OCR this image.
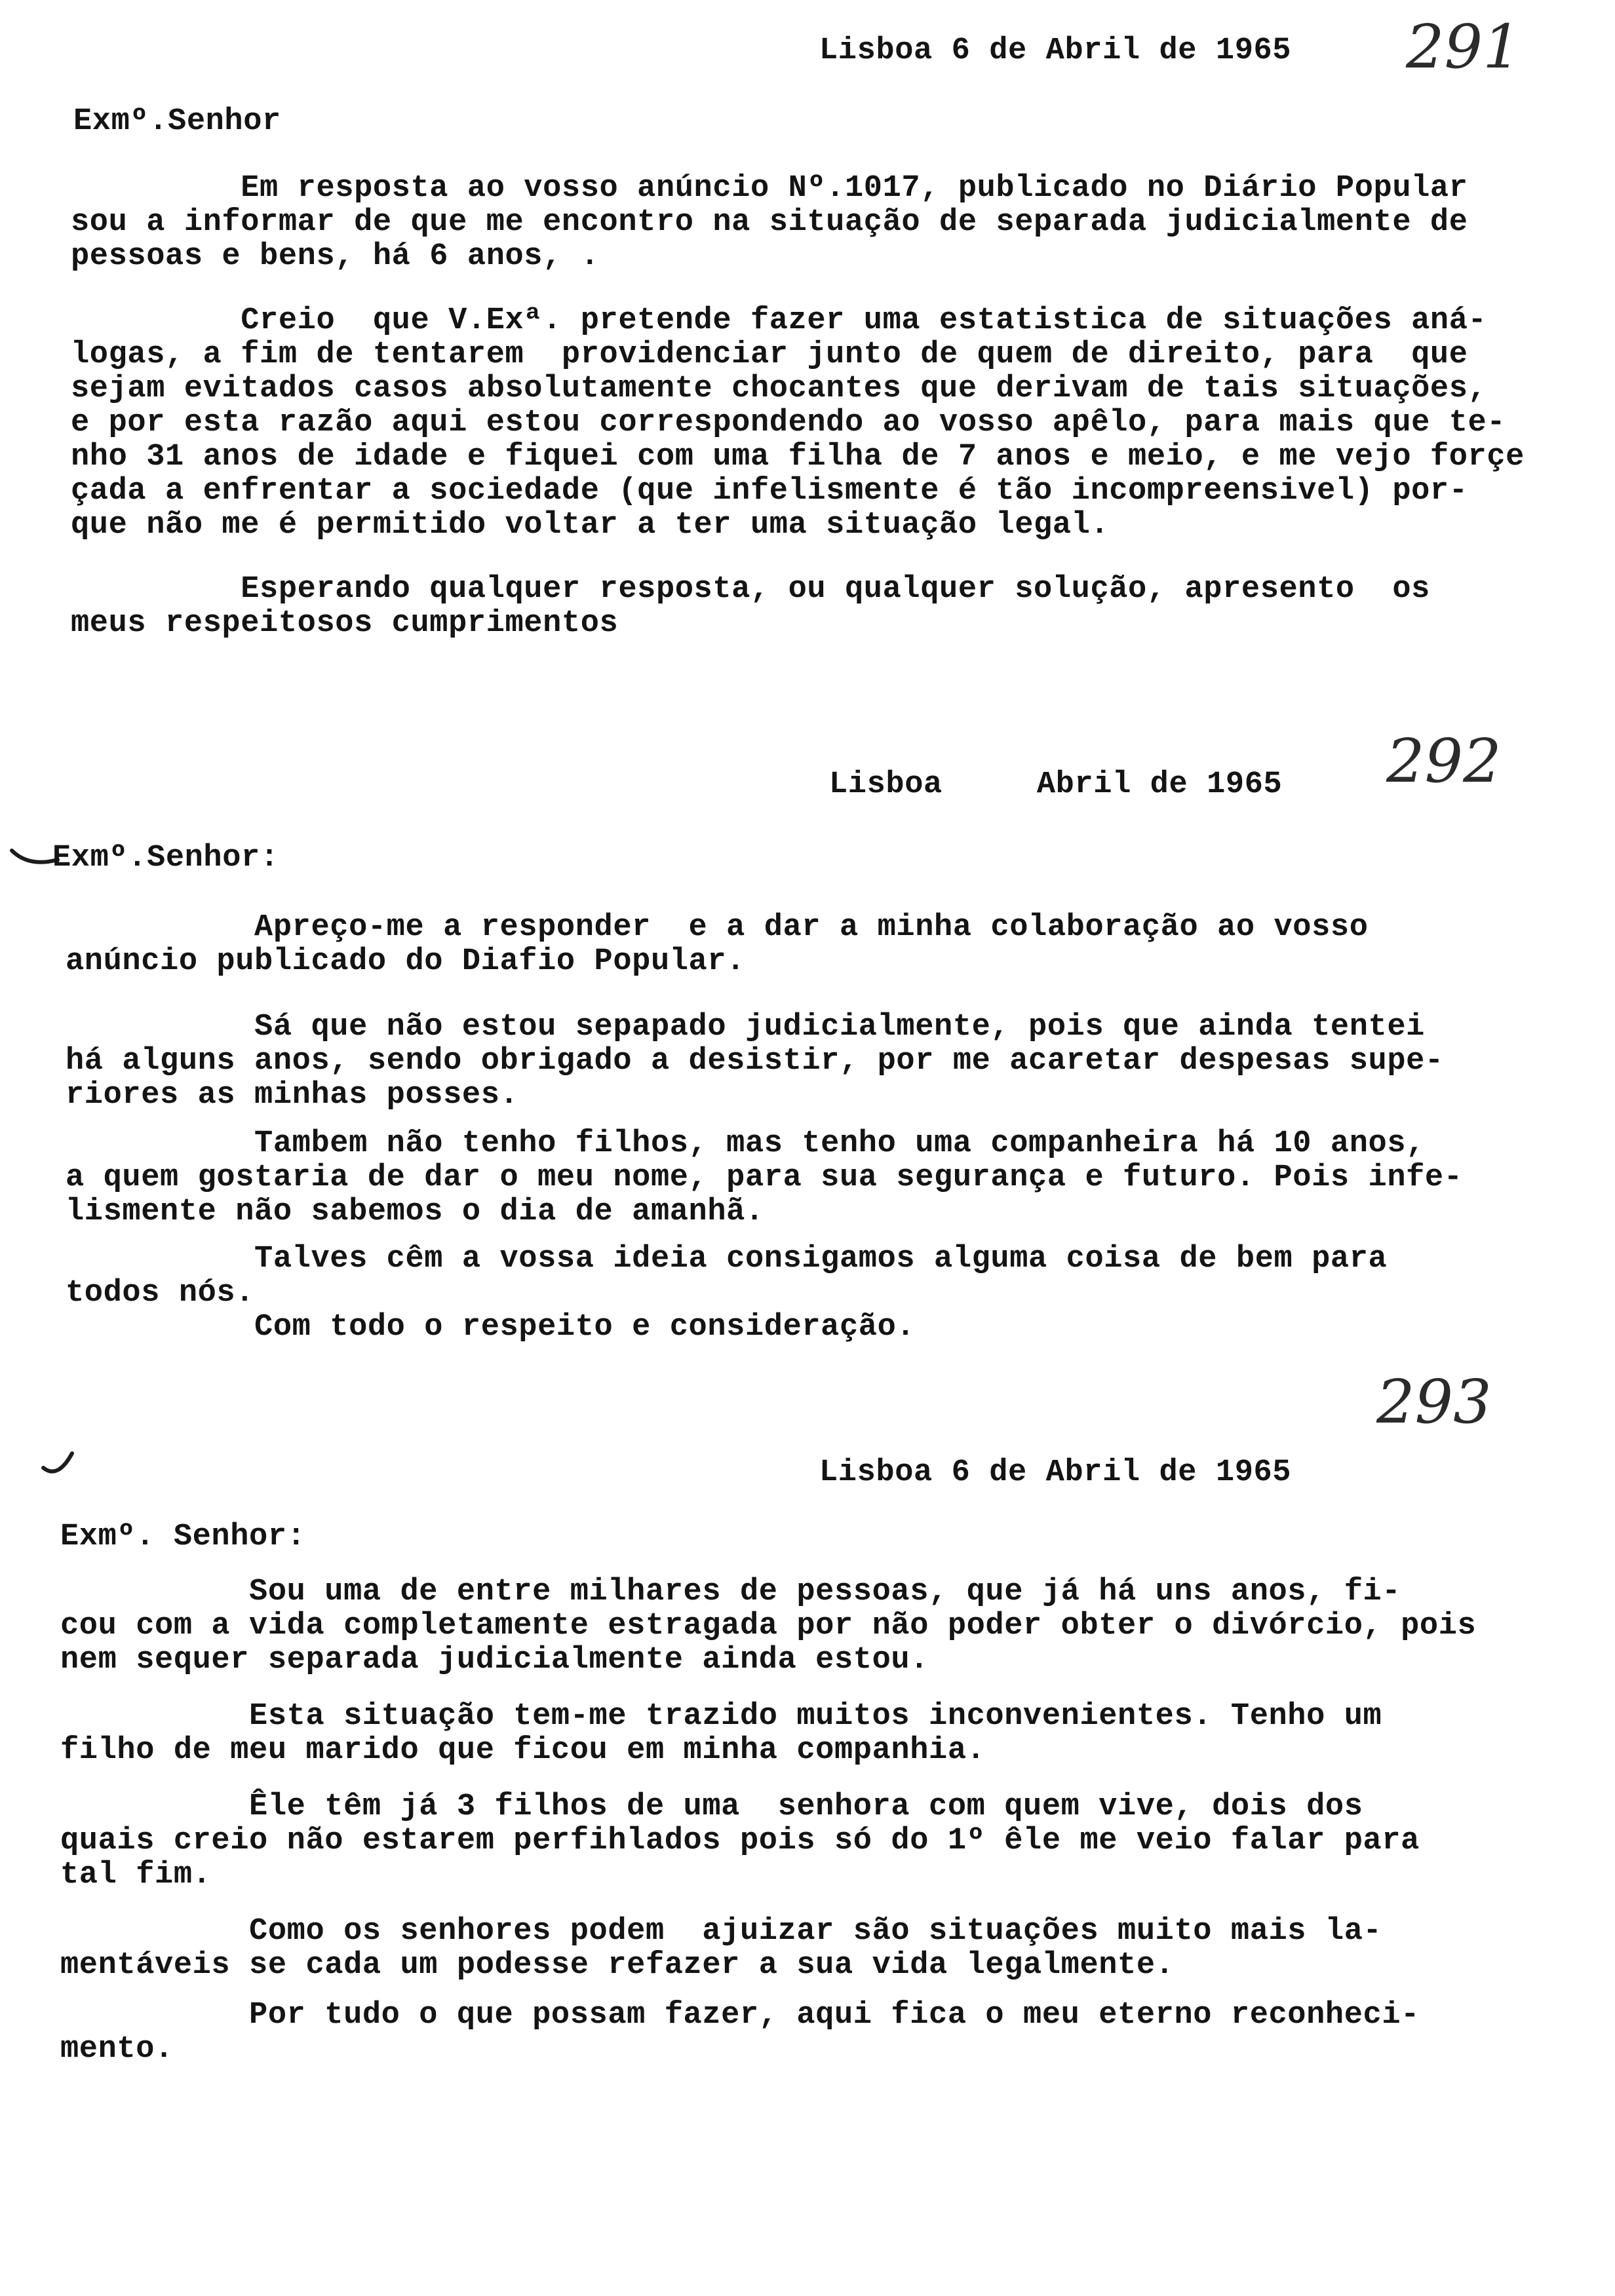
Lisboa 6 de Abril de 1965 291

Exmº.Senhor

Em resposta ao vosso anúncio Nº.1017, publicado no Diário Popular

sou a informar de que me encontro na situação de separada judicialmente de

pessoas e bens, há 6 anos, .

Creio  que V.Exª. pretende fazer uma estatistica de situações aná-

logas, a fim de tentarem  providenciar junto de quem de direito, para  que

sejam evitados casos absolutamente chocantes que derivam de tais situações,

e por esta razão aqui estou correspondendo ao vosso apêlo, para mais que te-

nho 31 anos de idade e fiquei com uma filha de 7 anos e meio, e me vejo forçe

çada a enfrentar a sociedade (que infelismente é tão incompreensivel) por-

que não me é permitido voltar a ter uma situação legal.

Esperando qualquer resposta, ou qualquer solução, apresento  os

meus respeitosos cumprimentos

Lisboa     Abril de 1965 292

Exmº.Senhor:

Apreço-me a responder  e a dar a minha colaboração ao vosso

anúncio publicado do Diafio Popular.

Sá que não estou sepapado judicialmente, pois que ainda tentei

há alguns anos, sendo obrigado a desistir, por me acaretar despesas supe-

riores as minhas posses.

Tambem não tenho filhos, mas tenho uma companheira há 10 anos,

a quem gostaria de dar o meu nome, para sua segurança e futuro. Pois infe-

lismente não sabemos o dia de amanhã.

Talves cêm a vossa ideia consigamos alguma coisa de bem para

todos nós.

Com todo o respeito e consideração.

293

Lisboa 6 de Abril de 1965

Exmº. Senhor:

Sou uma de entre milhares de pessoas, que já há uns anos, fi-

cou com a vida completamente estragada por não poder obter o divórcio, pois

nem sequer separada judicialmente ainda estou.

Esta situação tem-me trazido muitos inconvenientes. Tenho um

filho de meu marido que ficou em minha companhia.

Êle têm já 3 filhos de uma  senhora com quem vive, dois dos

quais creio não estarem perfihlados pois só do 1º êle me veio falar para

tal fim.

Como os senhores podem  ajuizar são situações muito mais la-

mentáveis se cada um podesse refazer a sua vida legalmente.

Por tudo o que possam fazer, aqui fica o meu eterno reconheci-

mento.
